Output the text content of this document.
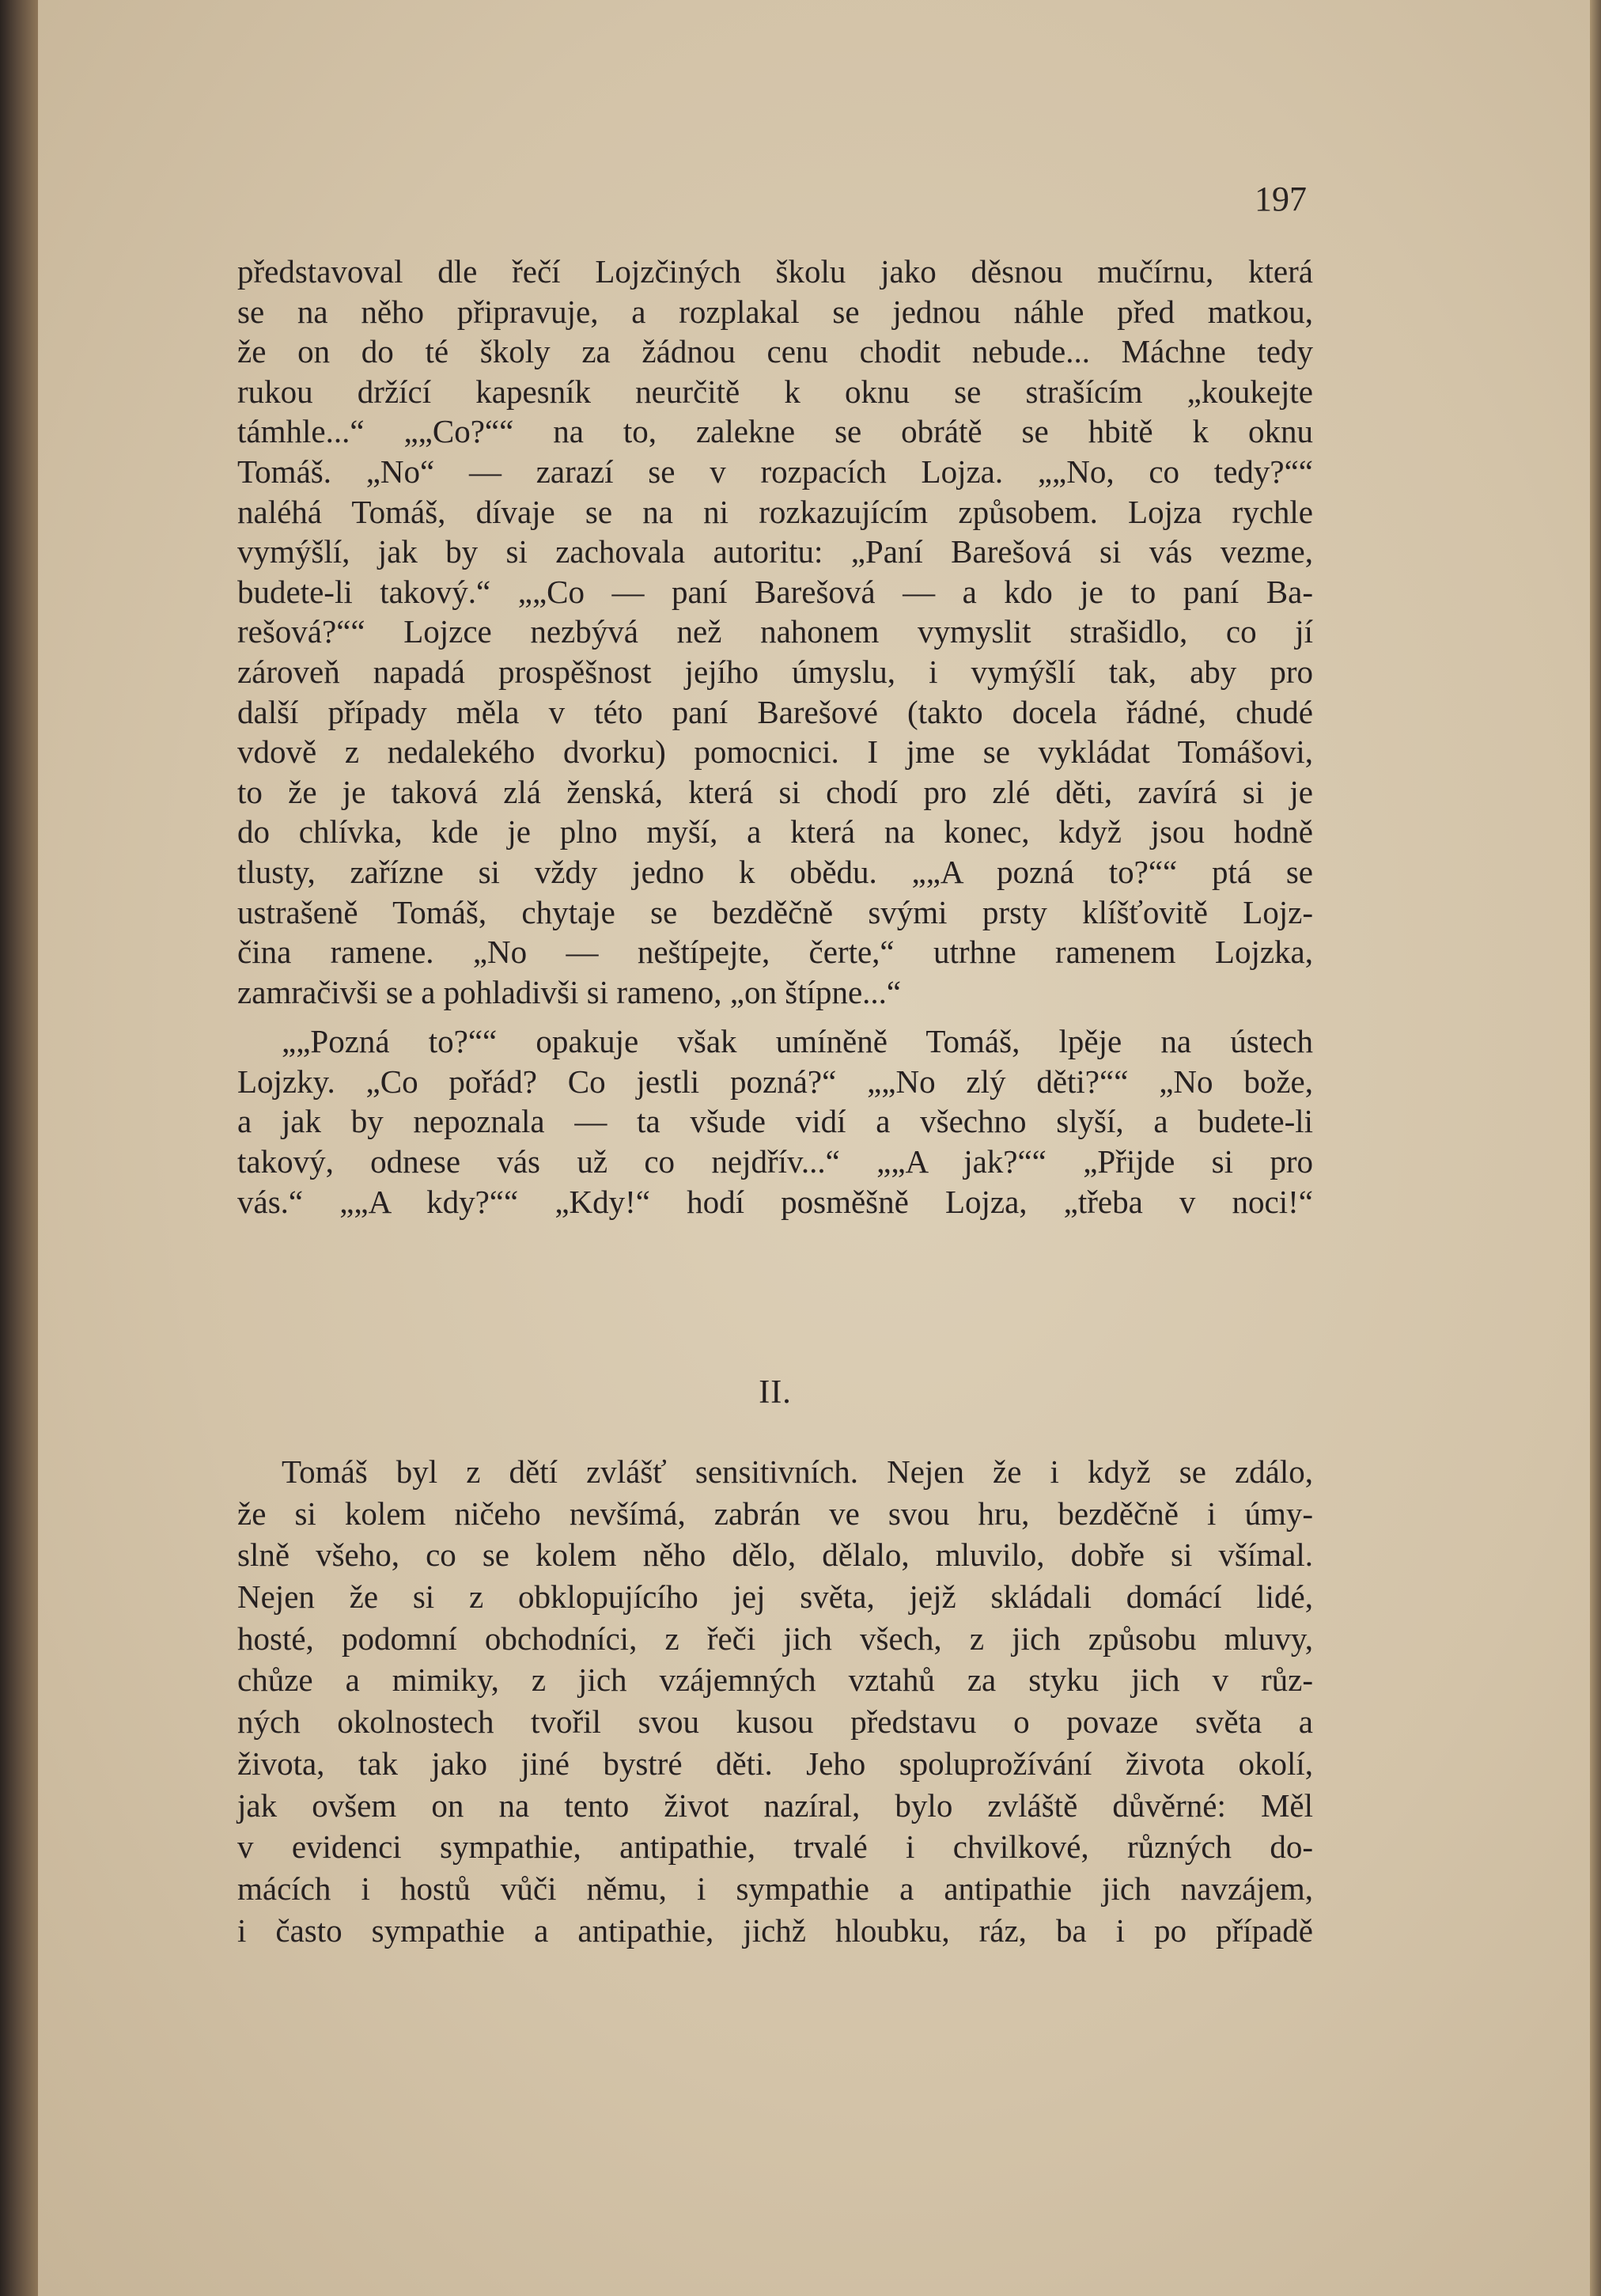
197
představoval dle řečí Lojzčiných školu jako děsnou mučírnu, která
se na něho připravuje, a rozplakal se jednou náhle před matkou,
že on do té školy za žádnou cenu chodit nebude... Máchne tedy
rukou držící kapesník neurčitě k oknu se strašícím „koukejte
támhle...“ „„Co?““ na to, zalekne se obrátě se hbitě k oknu
Tomáš. „No“ — zarazí se v rozpacích Lojza. „„No, co tedy?““
naléhá Tomáš, dívaje se na ni rozkazujícím způsobem. Lojza rychle
vymýšlí, jak by si zachovala autoritu: „Paní Barešová si vás vezme,
budete-li takový.“ „„Co — paní Barešová — a kdo je to paní Ba-
rešová?““ Lojzce nezbývá než nahonem vymyslit strašidlo, co jí
zároveň napadá prospěšnost jejího úmyslu, i vymýšlí tak, aby pro
další případy měla v této paní Barešové (takto docela řádné, chudé
vdově z nedalekého dvorku) pomocnici. I jme se vykládat Tomášovi,
to že je taková zlá ženská, která si chodí pro zlé děti, zavírá si je
do chlívka, kde je plno myší, a která na konec, když jsou hodně
tlusty, zařízne si vždy jedno k obědu. „„A pozná to?““ ptá se
ustrašeně Tomáš, chytaje se bezděčně svými prsty klíšťovitě Lojz-
čina ramene. „No — neštípejte, čerte,“ utrhne ramenem Lojzka,
zamračivši se a pohladivši si rameno, „on štípne...“
„„Pozná to?““ opakuje však umíněně Tomáš, lpěje na ústech
Lojzky. „Co pořád? Co jestli pozná?“ „„No zlý děti?““ „No bože,
a jak by nepoznala — ta všude vidí a všechno slyší, a budete-li
takový, odnese vás už co nejdřív...“ „„A jak?““ „Přijde si pro
vás.“ „„A kdy?““ „Kdy!“ hodí posměšně Lojza, „třeba v noci!“
II.
Tomáš byl z dětí zvlášť sensitivních. Nejen že i když se zdálo,
že si kolem ničeho nevšímá, zabrán ve svou hru, bezděčně i úmy-
slně všeho, co se kolem něho dělo, dělalo, mluvilo, dobře si všímal.
Nejen že si z obklopujícího jej světa, jejž skládali domácí lidé,
hosté, podomní obchodníci, z řeči jich všech, z jich způsobu mluvy,
chůze a mimiky, z jich vzájemných vztahů za styku jich v růz-
ných okolnostech tvořil svou kusou představu o povaze světa a
života, tak jako jiné bystré děti. Jeho spoluprožívání života okolí,
jak ovšem on na tento život nazíral, bylo zvláště důvěrné: Měl
v evidenci sympathie, antipathie, trvalé i chvilkové, různých do-
mácích i hostů vůči němu, i sympathie a antipathie jich navzájem,
i často sympathie a antipathie, jichž hloubku, ráz, ba i po případě
